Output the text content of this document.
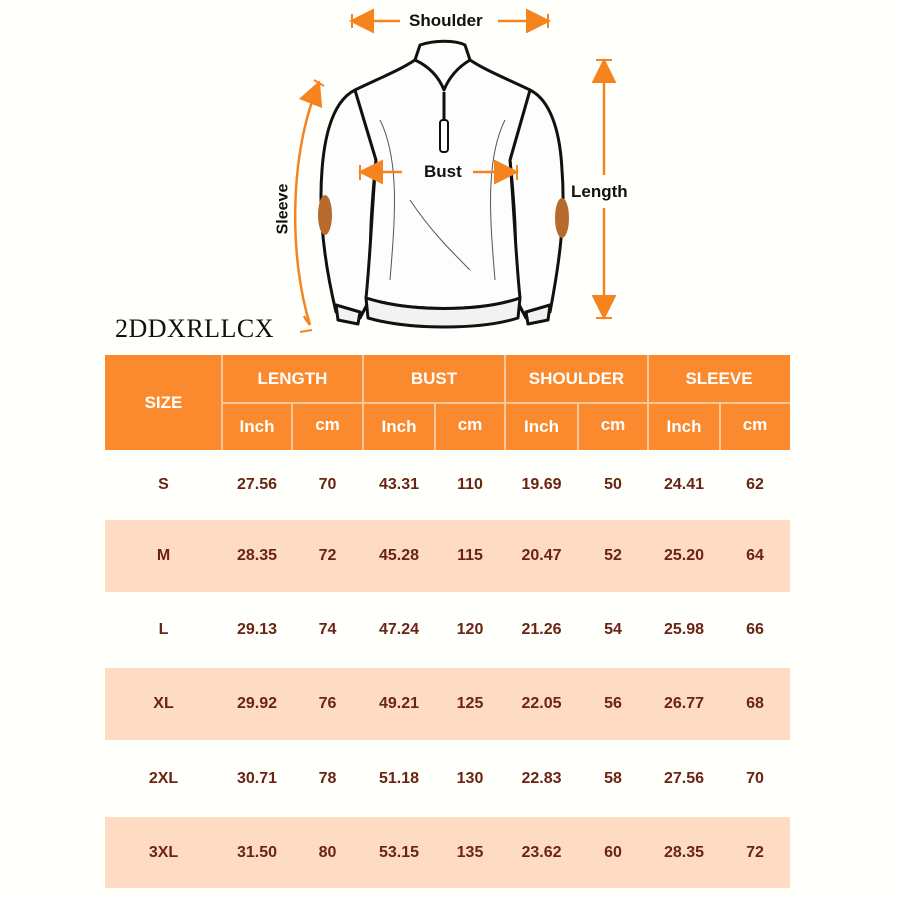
Shoulder
Bust
Length
Sleeve
2DDXRLLCX
SIZE
LENGTH	BUST	SHOULDER	SLEEVE
Inch	cm	Inch	cm	Inch	cm	Inch	cm
S	27.56	70	43.31	110	19.69	50	24.41	62
M	28.35	72	45.28	115	20.47	52	25.20	64
L	29.13	74	47.24	120	21.26	54	25.98	66
XL	29.92	76	49.21	125	22.05	56	26.77	68
2XL	30.71	78	51.18	130	22.83	58	27.56	70
3XL	31.50	80	53.15	135	23.62	60	28.35	72
